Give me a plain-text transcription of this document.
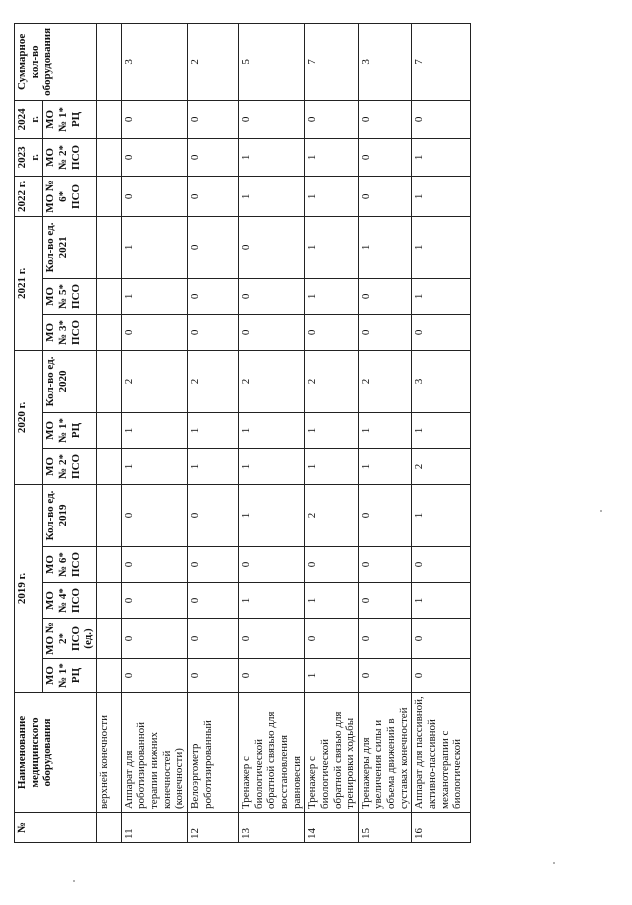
№	Наименование медицинского оборудования	2019 г.					2020 г.			2021 г.			2022 г.	2023 г.	2024 г.	Суммарное кол-во оборудования
		МО № 1* РЦ	МО № 2* ПСО (ед.)	МО № 4* ПСО	МО № 6* ПСО	Кол-во ед. 2019	МО № 2* ПСО	МО № 1* РЦ	Кол-во ед. 2020	МО № 3* ПСО	МО № 5* ПСО	Кол-во ед. 2021	МО № 6* ПСО	МО № 2* ПСО	МО № 1* РЦ	
	верхней конечности															
11	Аппарат для роботизированной терапии нижних конечностей (конечности)	0	0	0	0	0	1	1	2	0	1	1	0	0	0	3
12	Велоэргометр роботизированный	0	0	0	0	0	1	1	2	0	0	0	0	0	0	2
13	Тренажер с биологической обратной связью для восстановления равновесия	0	0	1	0	1	1	1	2	0	0	0	1	1	0	5
14	Тренажер с биологической обратной связью для тренировки ходьбы	1	0	1	0	2	1	1	2	0	1	1	1	1	0	7
15	Тренажеры для увеличения силы и объема движений в суставах конечностей	0	0	0	0	0	1	1	2	0	0	1	0	0	0	3
16	Аппарат для пассивной, активно-пассивной механотерапии с биологической	0	0	1	0	1	2	1	3	0	1	1	1	1	0	7
